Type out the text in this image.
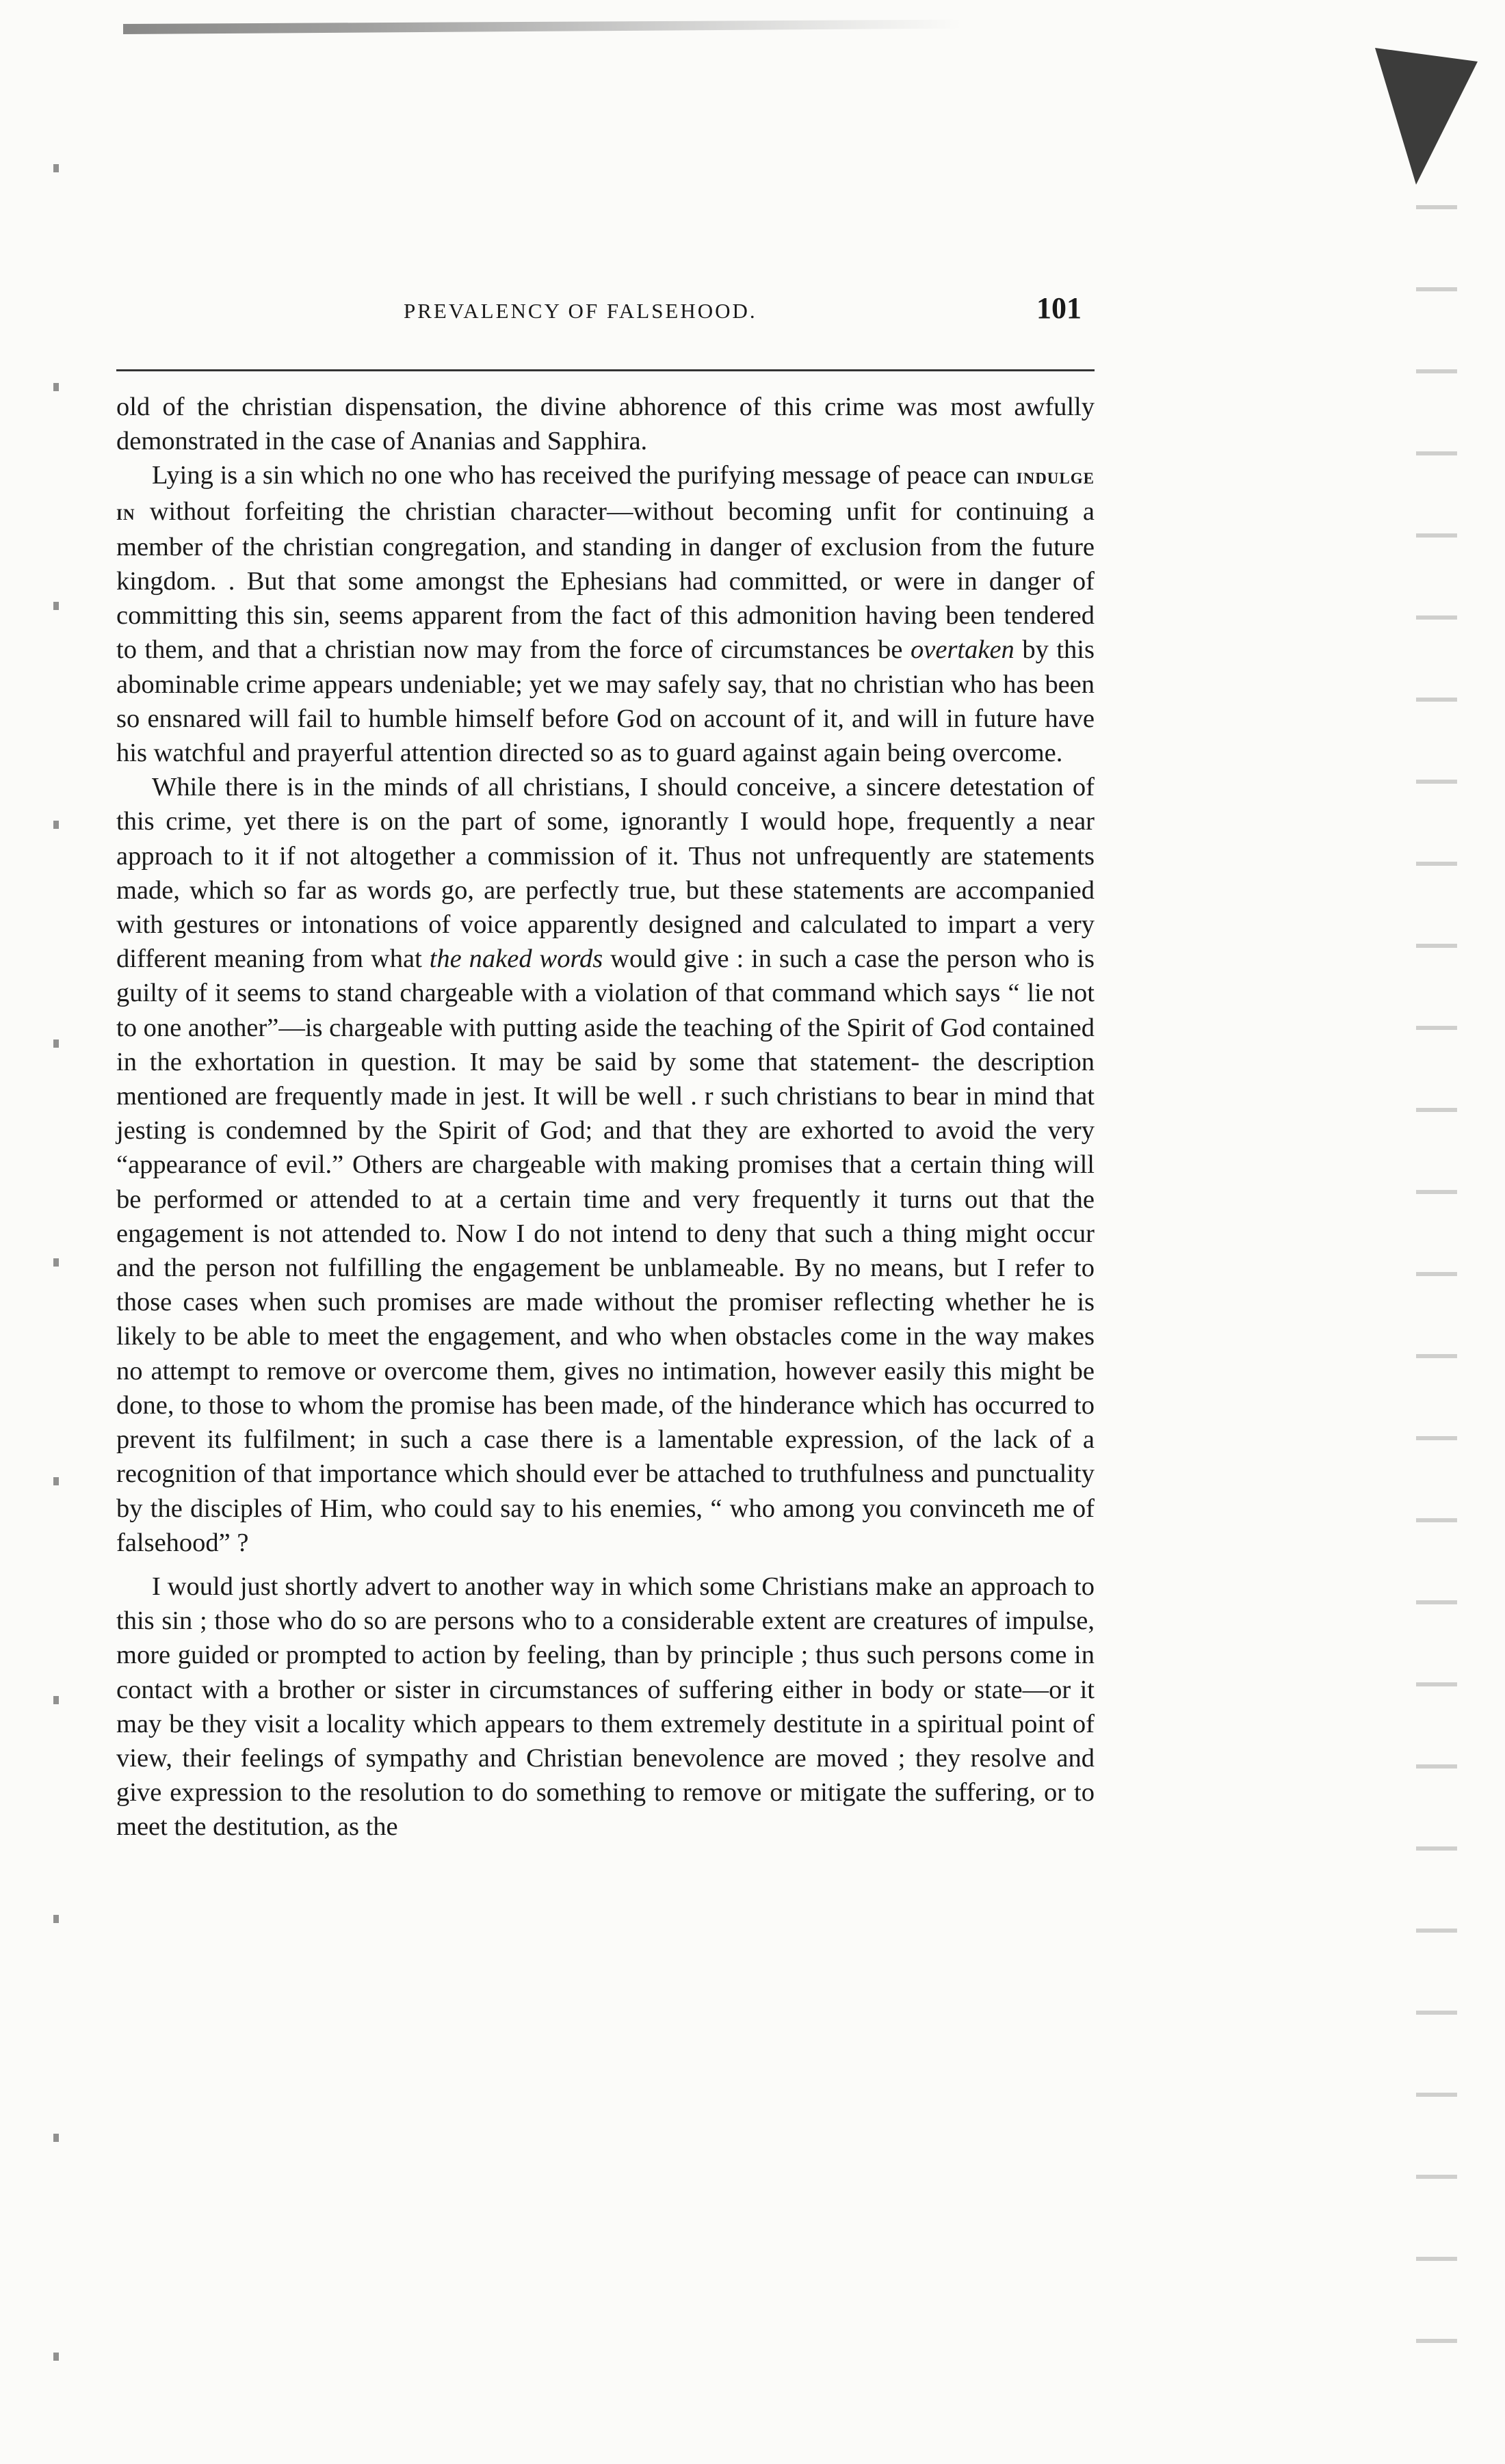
PREVALENCY OF FALSEHOOD.	101

old of the christian dispensation, the divine abhorence of this crime was most awfully demonstrated in the case of Ananias and Sapphira.

Lying is a sin which no one who has received the purifying message of peace can indulge in without forfeiting the christian character—without becoming unfit for continuing a member of the christian congregation, and standing in danger of exclusion from the future kingdom. . But that some amongst the Ephesians had committed, or were in danger of committing this sin, seems apparent from the fact of this admonition having been tendered to them, and that a christian now may from the force of circumstances be overtaken by this abominable crime appears undeniable; yet we may safely say, that no christian who has been so ensnared will fail to humble himself before God on account of it, and will in future have his watchful and prayerful attention directed so as to guard against again being overcome.

While there is in the minds of all christians, I should conceive, a sincere detestation of this crime, yet there is on the part of some, ignorantly I would hope, frequently a near approach to it if not altogether a commission of it. Thus not unfrequently are statements made, which so far as words go, are perfectly true, but these statements are accompanied with gestures or intonations of voice apparently designed and calculated to impart a very different meaning from what the naked words would give : in such a case the person who is guilty of it seems to stand chargeable with a violation of that command which says “ lie not to one another”—is chargeable with putting aside the teaching of the Spirit of God contained in the exhortation in question. It may be said by some that statement- the description mentioned are frequently made in jest. It will be well . r such christians to bear in mind that jesting is condemned by the Spirit of God; and that they are exhorted to avoid the very “appearance of evil.” Others are chargeable with making promises that a certain thing will be performed or attended to at a certain time and very frequently it turns out that the engagement is not attended to. Now I do not intend to deny that such a thing might occur and the person not fulfilling the engagement be unblameable. By no means, but I refer to those cases when such promises are made without the promiser reflecting whether he is likely to be able to meet the engagement, and who when obstacles come in the way makes no attempt to remove or overcome them, gives no intimation, however easily this might be done, to those to whom the promise has been made, of the hinderance which has occurred to prevent its fulfilment; in such a case there is a lamentable expression, of the lack of a recognition of that importance which should ever be attached to truthfulness and punctuality by the disciples of Him, who could say to his enemies, “ who among you convinceth me of falsehood” ?

I would just shortly advert to another way in which some Christians make an approach to this sin ; those who do so are persons who to a considerable extent are creatures of impulse, more guided or prompted to action by feeling, than by principle ; thus such persons come in contact with a brother or sister in circumstances of suffering either in body or state—or it may be they visit a locality which appears to them extremely destitute in a spiritual point of view, their feelings of sympathy and Christian benevolence are moved ; they resolve and give expression to the resolution to do something to remove or mitigate the suffering, or to meet the destitution, as the
